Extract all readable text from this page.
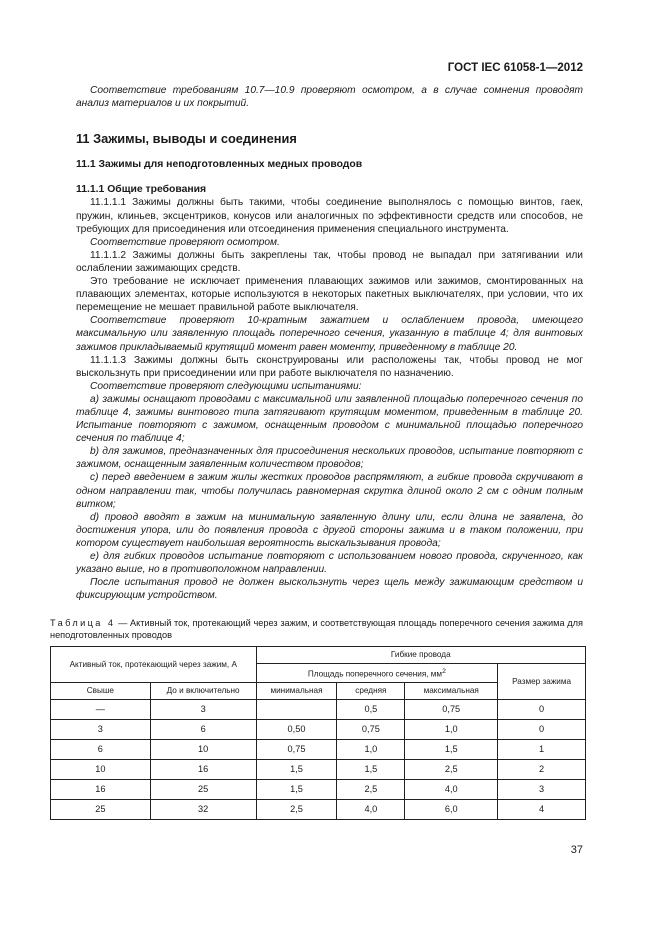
ГОСТ IEC 61058-1—2012

Соответствие требованиям 10.7—10.9 проверяют осмотром, а в случае сомнения проводят анализ материалов и их покрытий.

11 Зажимы, выводы и соединения
11.1 Зажимы для неподготовленных медных проводов
11.1.1 Общие требования

11.1.1.1 Зажимы должны быть такими, чтобы соединение выполнялось с помощью винтов, гаек, пружин, клиньев, эксцентриков, конусов или аналогичных по эффективности средств или способов, не требующих для присоединения или отсоединения применения специального инструмента.

Соответствие проверяют осмотром.

11.1.1.2 Зажимы должны быть закреплены так, чтобы провод не выпадал при затягивании или ослаблении зажимающих средств.

Это требование не исключает применения плавающих зажимов или зажимов, смонтированных на плавающих элементах, которые используются в некоторых пакетных выключателях, при условии, что их перемещение не мешает правильной работе выключателя.

Соответствие проверяют 10-кратным зажатием и ослаблением провода, имеющего максимальную или заявленную площадь поперечного сечения, указанную в таблице 4; для винтовых зажимов прикладываемый крутящий момент равен моменту, приведенному в таблице 20.

11.1.1.3 Зажимы должны быть сконструированы или расположены так, чтобы провод не мог выскользнуть при присоединении или при работе выключателя по назначению.

Соответствие проверяют следующими испытаниями:

a) зажимы оснащают проводами с максимальной или заявленной площадью поперечного сечения по таблице 4, зажимы винтового типа затягивают крутящим моментом, приведенным в таблице 20. Испытание повторяют с зажимом, оснащенным проводом с минимальной площадью поперечного сечения по таблице 4;

b) для зажимов, предназначенных для присоединения нескольких проводов, испытание повторяют с зажимом, оснащенным заявленным количеством проводов;

c) перед введением в зажим жилы жестких проводов распрямляют, а гибкие провода скручивают в одном направлении так, чтобы получилась равномерная скрутка длиной около 2 см с одним полным витком;

d) провод вводят в зажим на минимальную заявленную длину или, если длина не заявлена, до достижения упора, или до появления провода с другой стороны зажима и в таком положении, при котором существует наибольшая вероятность выскальзывания провода;

e) для гибких проводов испытание повторяют с использованием нового провода, скрученного, как указано выше, но в противоположном направлении.

После испытания провод не должен выскользнуть через щель между зажимающим средством и фиксирующим устройством.

Таблица 4 — Активный ток, протекающий через зажим, и соответствующая площадь поперечного сечения зажима для неподготовленных проводов
Активный ток, протекающий через зажим, А		Гибкие провода			
		Площадь поперечного сечения, $мм^2$			Размер зажима
Свыше	До и включительно	минимальная	средняя	максимальная	
—	3		0,5	0,75	0
3	6	0,50	0,75	1,0	0
6	10	0,75	1,0	1,5	1
10	16	1,5	1,5	2,5	2
16	25	1,5	2,5	4,0	3
25	32	2,5	4,0	6,0	4
37
